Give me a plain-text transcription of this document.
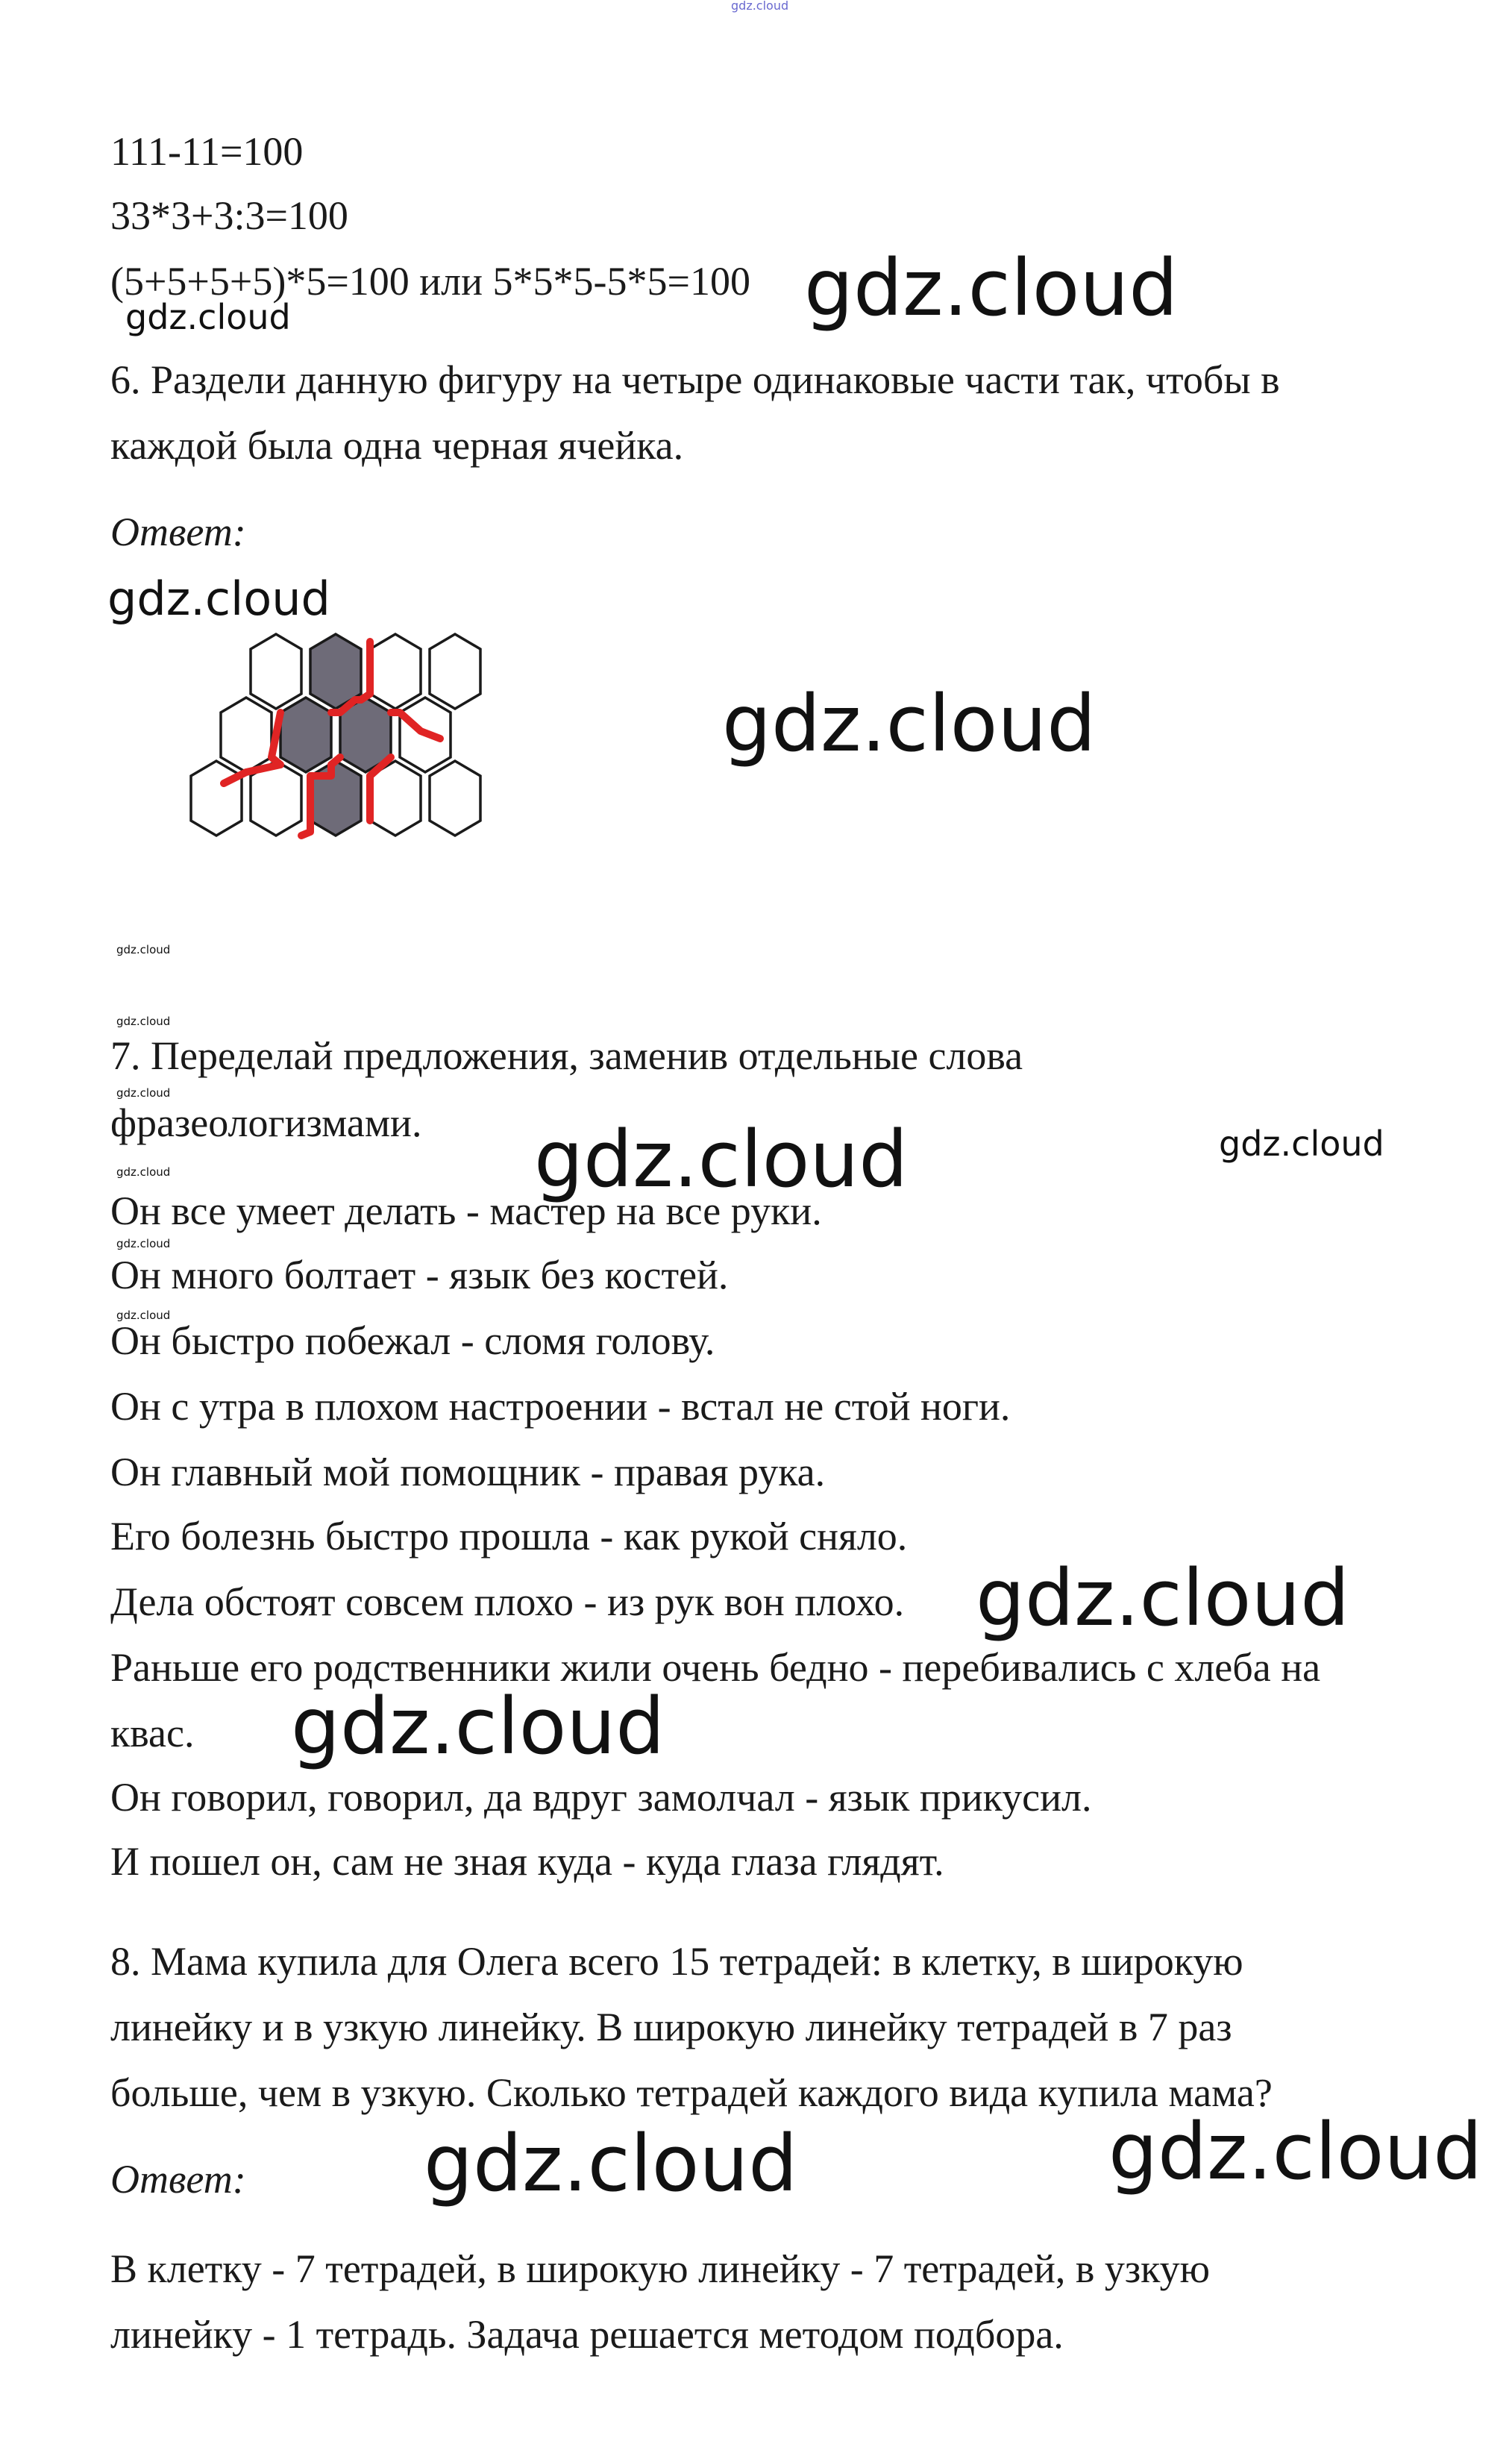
gdz.cloud
111-11=100
33*3+3:3=100
(5+5+5+5)*5=100 или 5*5*5-5*5=100 gdz.cloud
gdz.cloud
6. Раздели данную фигуру на четыре одинаковые части так, чтобы в
каждой была одна черная ячейка.
Ответ:
gdz.cloud
gdz.cloud
gdz.cloud
gdz.cloud
7. Переделай предложения, заменив отдельные слова
gdz.cloud
фразеологизмами. gdz.cloud	gdz.cloud
gdz.cloud
Он все умеет делать - мастер на все руки.
gdz.cloud
Он много болтает - язык без костей.
gdz.cloud
Он быстро побежал - сломя голову.
Он с утра в плохом настроении - встал не стой ноги.
Он главный мой помощник - правая рука.
Его болезнь быстро прошла - как рукой сняло.
Дела обстоят совсем плохо - из рук вон плохо. gdz.cloud
Раньше его родственники жили очень бедно - перебивались с хлеба на
квас. gdz.cloud
Он говорил, говорил, да вдруг замолчал - язык прикусил.
И пошел он, сам не зная куда - куда глаза глядят.
8. Мама купила для Олега всего 15 тетрадей: в клетку, в широкую
линейку и в узкую линейку. В широкую линейку тетрадей в 7 раз
больше, чем в узкую. Сколько тетрадей каждого вида купила мама?
Ответ: gdz.cloud	gdz.cloud
В клетку - 7 тетрадей, в широкую линейку - 7 тетрадей, в узкую
линейку - 1 тетрадь. Задача решается методом подбора.
